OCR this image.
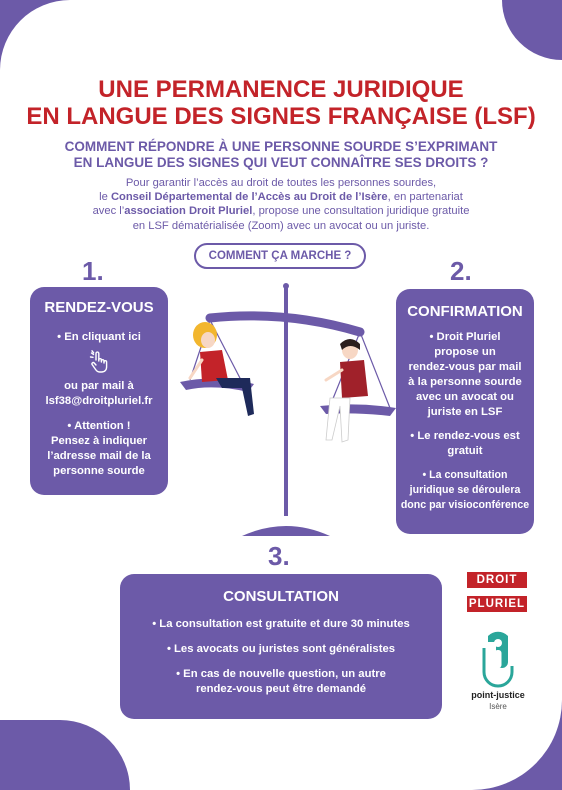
UNE PERMANENCE JURIDIQUE
EN LANGUE DES SIGNES FRANÇAISE (LSF)
COMMENT RÉPONDRE À UNE PERSONNE SOURDE S’EXPRIMANT
EN LANGUE DES SIGNES QUI VEUT CONNAÎTRE SES DROITS ?
Pour garantir l’accès au droit de toutes les personnes sourdes,
le Conseil Départemental de l’Accès au Droit de l’Isère, en partenariat
avec l’association Droit Pluriel, propose une consultation juridique gratuite
en LSF dématérialisée (Zoom) avec un avocat ou un juriste.
COMMENT ÇA MARCHE ?
1.	2.
3.
RENDEZ-VOUS

• En cliquant ici

ou par mail à

lsf38@droitpluriel.fr

• Attention !

Pensez à indiquer

l’adresse mail de la

personne sourde

CONFIRMATION

• Droit Pluriel

propose un

rendez-vous par mail

à la personne sourde

avec un avocat ou

juriste en LSF

• Le rendez-vous est

gratuit

• La consultation

juridique se déroulera

donc par visioconférence

CONSULTATION

• La consultation est gratuite et dure 30 minutes

• Les avocats ou juristes sont généralistes

• En cas de nouvelle question, un autre

rendez-vous peut être demandé

DROIT
PLURIEL
point-justice
Isère
